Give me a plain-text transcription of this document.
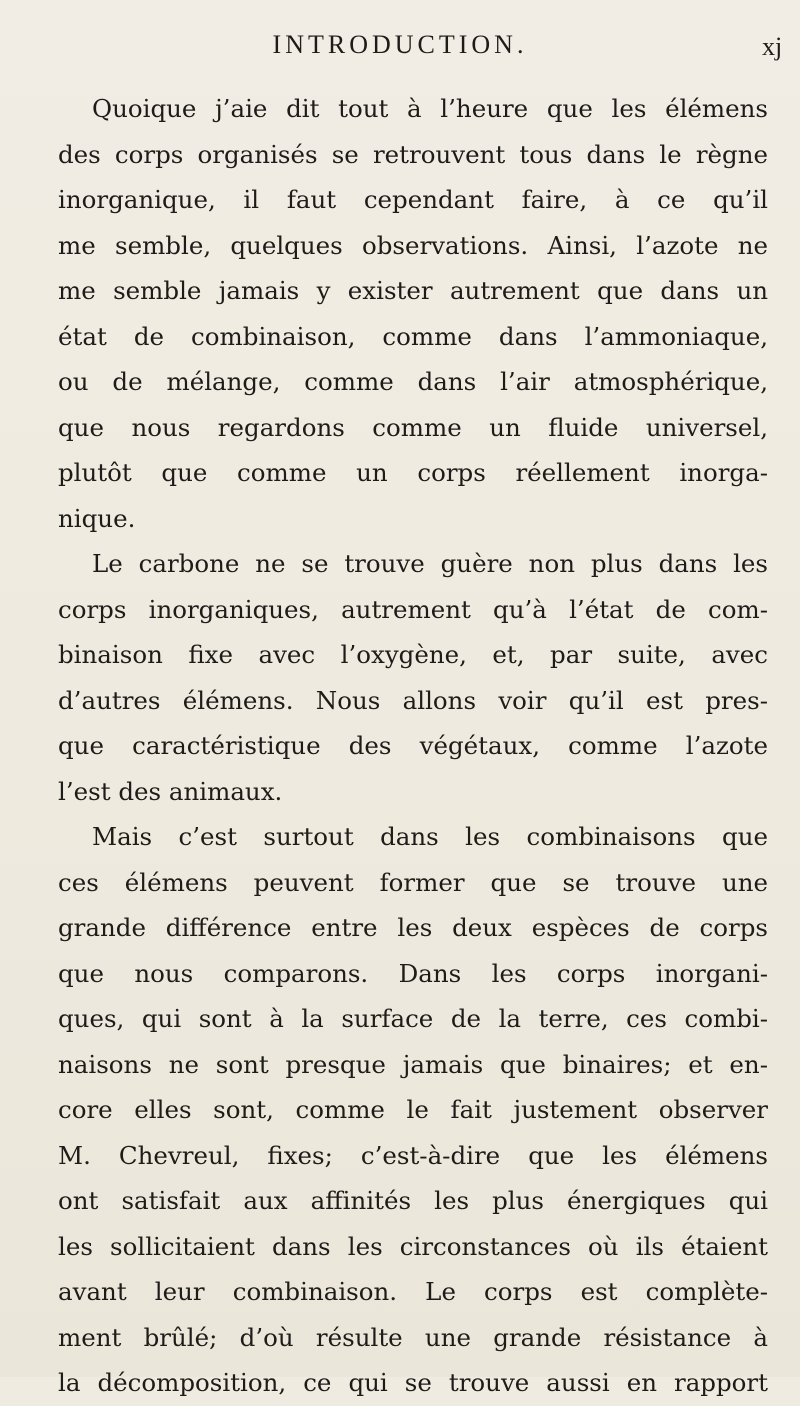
INTRODUCTION.	xj
Quoique j’aie dit tout à l’heure que les élémens
des corps organisés se retrouvent tous dans le règne
inorganique, il faut cependant faire, à ce qu’il
me semble, quelques observations. Ainsi, l’azote ne
me semble jamais y exister autrement que dans un
état de combinaison, comme dans l’ammoniaque,
ou de mélange, comme dans l’air atmosphérique,
que nous regardons comme un fluide universel,
plutôt que comme un corps réellement inorga-
nique.
Le carbone ne se trouve guère non plus dans les
corps inorganiques, autrement qu’à l’état de com-
binaison fixe avec l’oxygène, et, par suite, avec
d’autres élémens. Nous allons voir qu’il est pres-
que caractéristique des végétaux, comme l’azote
l’est des animaux.
Mais c’est surtout dans les combinaisons que
ces élémens peuvent former que se trouve une
grande différence entre les deux espèces de corps
que nous comparons. Dans les corps inorgani-
ques, qui sont à la surface de la terre, ces combi-
naisons ne sont presque jamais que binaires; et en-
core elles sont, comme le fait justement observer
M. Chevreul, fixes; c’est-à-dire que les élémens
ont satisfait aux affinités les plus énergiques qui
les sollicitaient dans les circonstances où ils étaient
avant leur combinaison. Le corps est complète-
ment brûlé; d’où résulte une grande résistance à
la décomposition, ce qui se trouve aussi en rapport
